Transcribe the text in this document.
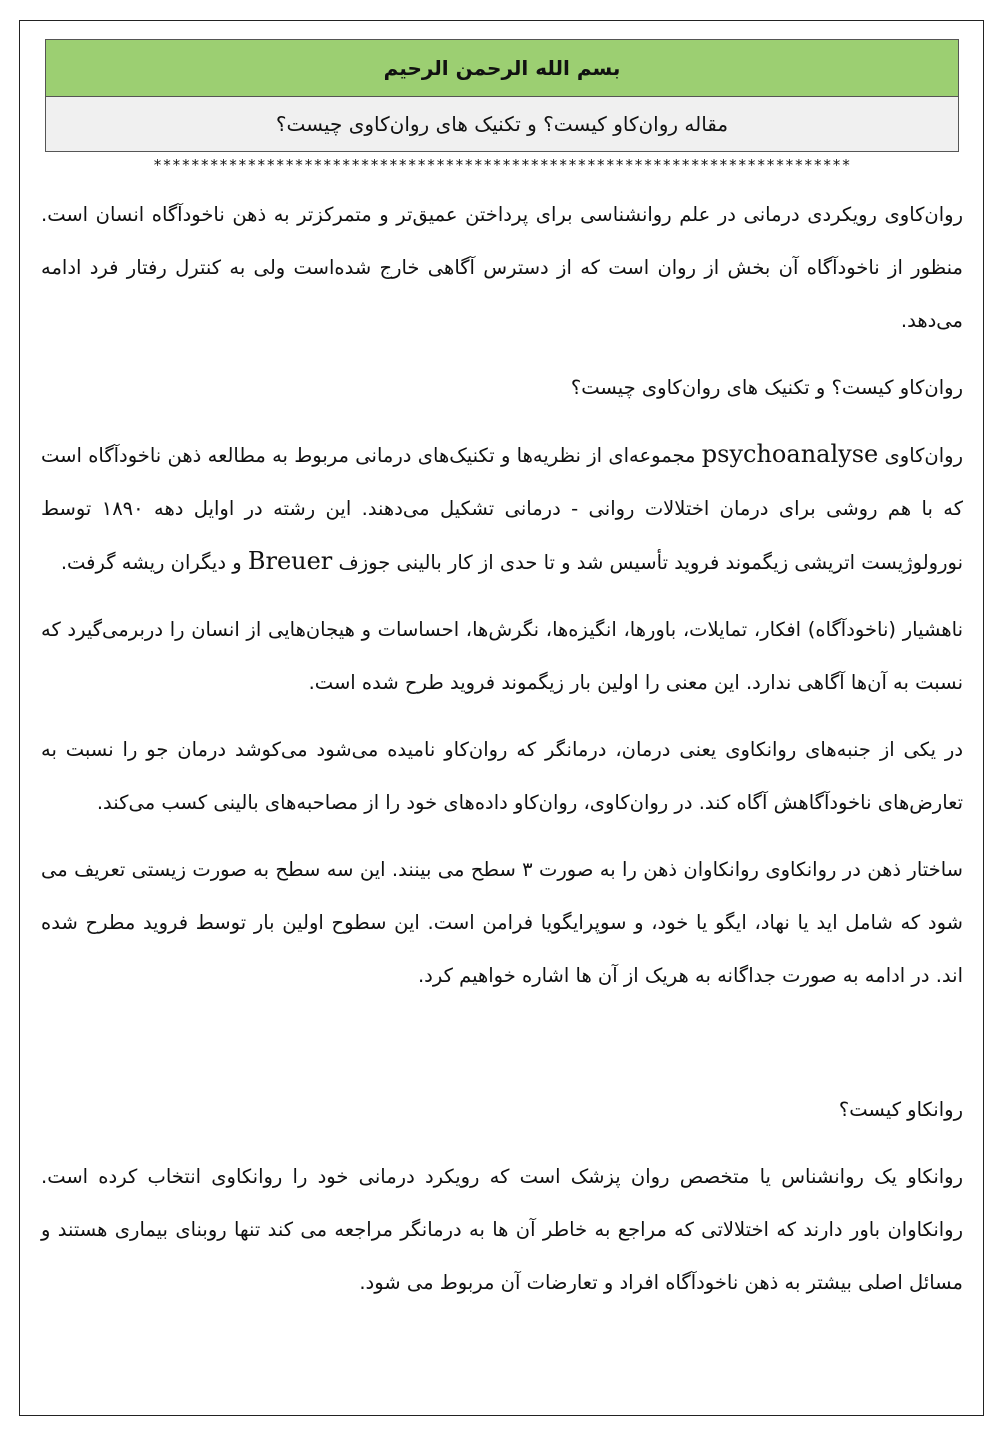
بسم الله الرحمن الرحیم
مقاله روان‌کاو کیست؟ و تکنیک های روان‌کاوی چیست؟
**************************************************************************

روان‌کاوی رویکردی درمانی در علم روانشناسی برای پرداختن عمیق‌تر و متمرکزتر به ذهن ناخودآگاه انسان است. منظور از ناخودآگاه آن بخش از روان است که از دسترس آگاهی خارج شده‌است ولی به کنترل رفتار فرد ادامه می‌دهد.

روان‌کاو کیست؟ و تکنیک های روان‌کاوی چیست؟

روان‌کاوی psychoanalyse مجموعه‌ای از نظریه‌ها و تکنیک‌های درمانی مربوط به مطالعه ذهن ناخودآگاه است که با هم روشی برای درمان اختلالات روانی - درمانی تشکیل می‌دهند. این رشته در اوایل دهه ۱۸۹۰ توسط نورولوژیست اتریشی زیگموند فروید تأسیس شد و تا حدی از کار بالینی جوزف Breuer و دیگران ریشه گرفت.

ناهشیار (ناخودآگاه) افکار، تمایلات، باورها، انگیزه‌ها، نگرش‌ها، احساسات و هیجان‌هایی از انسان را دربرمی‌گیرد که نسبت به آن‌ها آگاهی ندارد. این معنی را اولین بار زیگموند فروید طرح شده است.

در یکی از جنبه‌های روانکاوی یعنی درمان، درمانگر که روان‌کاو نامیده می‌شود می‌کوشد درمان جو را نسبت به تعارض‌های ناخودآگاهش آگاه کند. در روان‌کاوی، روان‌کاو داده‌های خود را از مصاحبه‌های بالینی کسب می‌کند.

ساختار ذهن در روانکاوی روانکاوان ذهن را به صورت ۳ سطح می بینند. این سه سطح به صورت زیستی تعریف می شود که شامل اید یا نهاد، ایگو یا خود، و سوپرایگویا فرامن است. این سطوح اولین بار توسط فروید مطرح شده اند. در ادامه به صورت جداگانه به هریک از آن ها اشاره خواهیم کرد.

روانکاو کیست؟

روانکاو یک روانشناس یا متخصص روان پزشک است که رویکرد درمانی خود را روانکاوی انتخاب کرده است. روانکاوان باور دارند که اختلالاتی که مراجع به خاطر آن ها به درمانگر مراجعه می کند تنها روبنای بیماری هستند و مسائل اصلی بیشتر به ذهن ناخودآگاه افراد و تعارضات آن مربوط می شود.
